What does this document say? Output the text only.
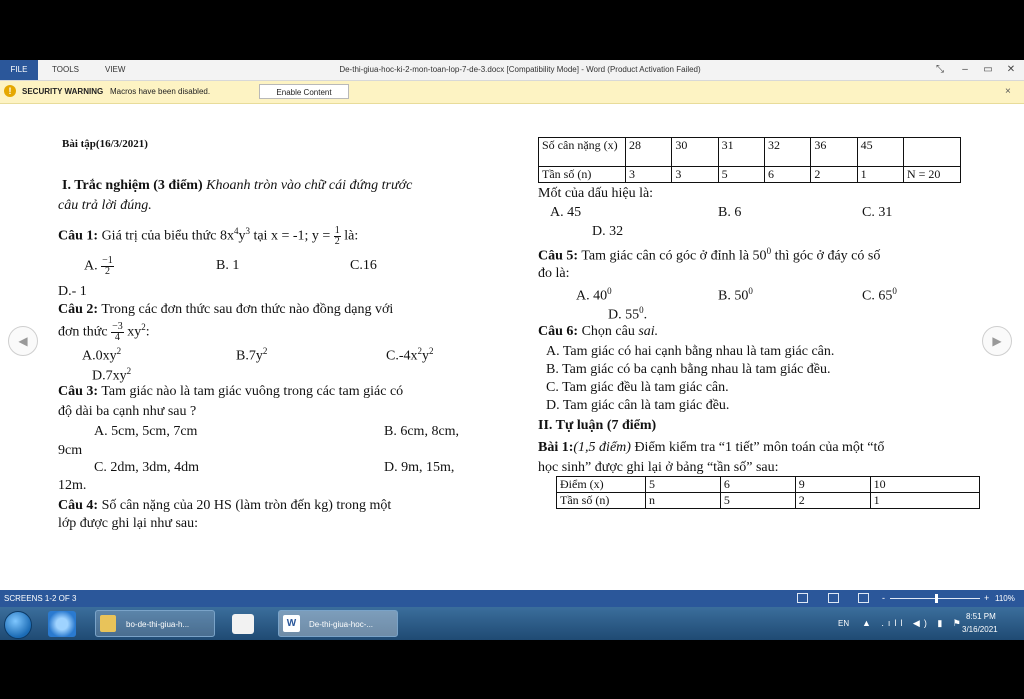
FILE	TOOLS	VIEW	De-thi-giua-hoc-ki-2-mon-toan-lop-7-de-3.docx [Compatibility Mode] - Word (Product Activation Failed)	⤡	–	▭	✕
!	SECURITY WARNING Macros have been disabled.	Enable Content	×
◀	▶
Bài tập(16/3/2021)
I. Trắc nghiệm (3 điểm) Khoanh tròn vào chữ cái đứng trước
câu trả lời đúng.
Câu 1: Giá trị của biểu thức $8x^4y^3$ tại x = -1; $y = \frac{1}{2}$ là:
A. $\frac{-1}{2}$	B. 1	C.16
D.- 1
Câu 2: Trong các đơn thức sau đơn thức nào đồng dạng với
đơn thức $\frac{-3}{4} xy^2$:
$A.0xy^2$	$B.7y^2$	$C.-4x^2y^2$
$D.7xy^2$
Câu 3: Tam giác nào là tam giác vuông trong các tam giác có
độ dài ba cạnh như sau ?
A. 5cm, 5cm, 7cm	B. 6cm, 8cm,
9cm
C. 2dm, 3dm, 4dm	D. 9m, 15m,
12m.
Câu 4: Số cân nặng của 20 HS (làm tròn đến kg) trong một
lớp được ghi lại như sau:
Số cân nặng (x)	28	30	31	32	36	45	
Tần số (n)	3	3	5	6	2	1	N = 20
Mốt của dấu hiệu là:
A. 45	B. 6	C. 31
D. 32
Câu 5: Tam giác cân có góc ở đỉnh là $50^0$ thì góc ở đáy có số
đo là:
A. $40^0$	B. $50^0$	C. $65^0$
D. $55^0$.
Câu 6: Chọn câu sai.
A. Tam giác có hai cạnh bằng nhau là tam giác cân.
B. Tam giác có ba cạnh bằng nhau là tam giác đều.
C. Tam giác đều là tam giác cân.
D. Tam giác cân là tam giác đều.
II. Tự luận (7 điểm)
Bài 1:(1,5 điểm) Điểm kiểm tra “1 tiết” môn toán của một “tổ
học sinh” được ghi lại ở bảng “tần số” sau:
Điểm (x)	5	6	9	10
Tần số (n)	n	5	2	1
SCREENS 1-2 OF 3	-	+ 110%
bo-de-thi-giua-h...	W	De-thi-giua-hoc-...	EN ▲ .ıll ◀) ▮ ⚑
8:51 PM
3/16/2021
